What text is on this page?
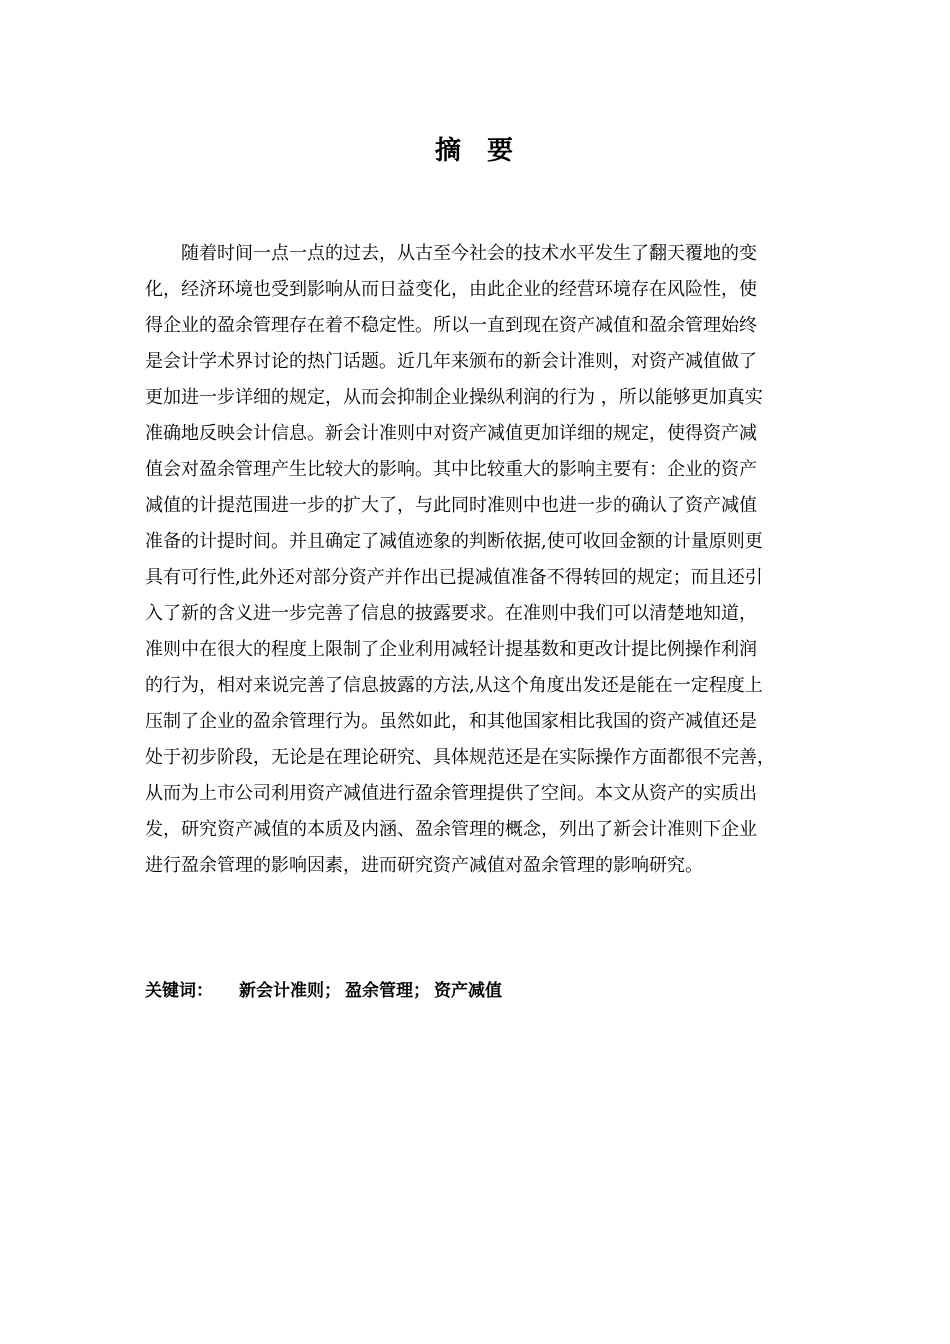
摘 要
随着时间一点一点的过去，从古至今社会的技术水平发生了翻天覆地的变
化，经济环境也受到影响从而日益变化，由此企业的经营环境存在风险性，使
得企业的盈余管理存在着不稳定性。所以一直到现在资产减值和盈余管理始终
是会计学术界讨论的热门话题。近几年来颁布的新会计准则，对资产减值做了
更加进一步详细的规定，从而会抑制企业操纵利润的行为 ，所以能够更加真实
准确地反映会计信息。新会计准则中对资产减值更加详细的规定，使得资产减
值会对盈余管理产生比较大的影响。其中比较重大的影响主要有：企业的资产
减值的计提范围进一步的扩大了，与此同时准则中也进一步的确认了资产减值
准备的计提时间。并且确定了减值迹象的判断依据,使可收回金额的计量原则更
具有可行性,此外还对部分资产并作出已提减值准备不得转回的规定；而且还引
入了新的含义进一步完善了信息的披露要求。在准则中我们可以清楚地知道，
准则中在很大的程度上限制了企业利用减轻计提基数和更改计提比例操作利润
的行为，相对来说完善了信息披露的方法,从这个角度出发还是能在一定程度上
压制了企业的盈余管理行为。虽然如此，和其他国家相比我国的资产减值还是
处于初步阶段，无论是在理论研究、具体规范还是在实际操作方面都很不完善，
从而为上市公司利用资产减值进行盈余管理提供了空间。本文从资产的实质出
发，研究资产减值的本质及内涵、盈余管理的概念，列出了新会计准则下企业
进行盈余管理的影响因素，进而研究资产减值对盈余管理的影响研究。
关键词： 新会计准则； 盈余管理； 资产减值
